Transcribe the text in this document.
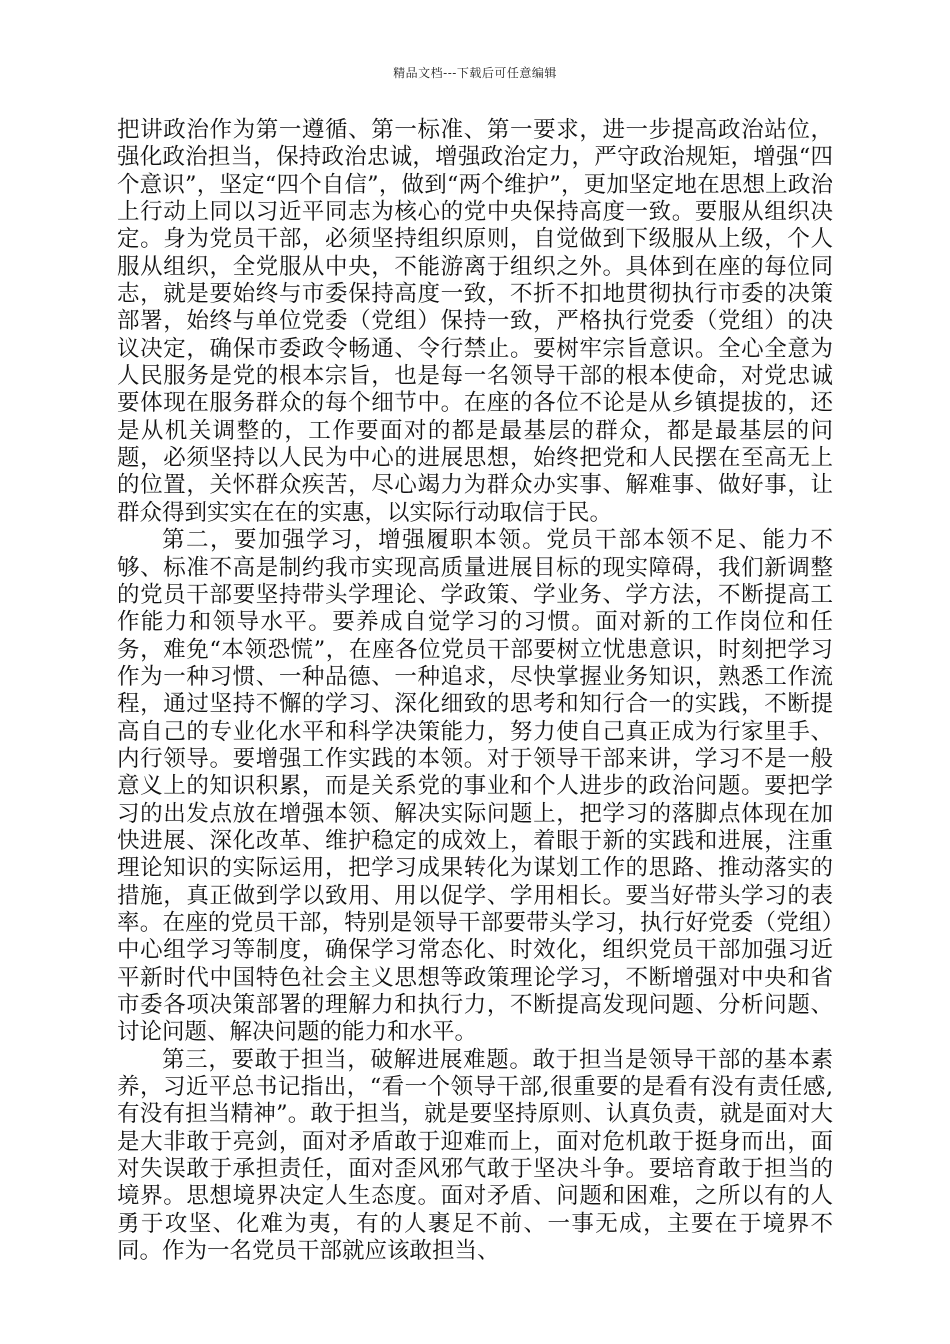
精品文档---下载后可任意编辑

把讲政治作为第一遵循、第一标准、第一要求，进一步提高政治站位，强化政治担当，保持政治忠诚，增强政治定力，严守政治规矩，增强“四个意识”，坚定“四个自信”，做到“两个维护”，更加坚定地在思想上政治上行动上同以习近平同志为核心的党中央保持高度一致。要服从组织决定。身为党员干部，必须坚持组织原则，自觉做到下级服从上级，个人服从组织，全党服从中央，不能游离于组织之外。具体到在座的每位同志，就是要始终与市委保持高度一致，不折不扣地贯彻执行市委的决策部署，始终与单位党委（党组）保持一致，严格执行党委（党组）的决议决定，确保市委政令畅通、令行禁止。要树牢宗旨意识。全心全意为人民服务是党的根本宗旨，也是每一名领导干部的根本使命，对党忠诚要体现在服务群众的每个细节中。在座的各位不论是从乡镇提拔的，还是从机关调整的，工作要面对的都是最基层的群众，都是最基层的问题，必须坚持以人民为中心的进展思想，始终把党和人民摆在至高无上的位置，关怀群众疾苦，尽心竭力为群众办实事、解难事、做好事，让群众得到实实在在的实惠，以实际行动取信于民。

第二，要加强学习，增强履职本领。党员干部本领不足、能力不够、标准不高是制约我市实现高质量进展目标的现实障碍，我们新调整的党员干部要坚持带头学理论、学政策、学业务、学方法，不断提高工作能力和领导水平。要养成自觉学习的习惯。面对新的工作岗位和任务，难免“本领恐慌”，在座各位党员干部要树立忧患意识，时刻把学习作为一种习惯、一种品德、一种追求，尽快掌握业务知识，熟悉工作流程，通过坚持不懈的学习、深化细致的思考和知行合一的实践，不断提高自己的专业化水平和科学决策能力，努力使自己真正成为行家里手、内行领导。要增强工作实践的本领。对于领导干部来讲，学习不是一般意义上的知识积累，而是关系党的事业和个人进步的政治问题。要把学习的出发点放在增强本领、解决实际问题上，把学习的落脚点体现在加快进展、深化改革、维护稳定的成效上，着眼于新的实践和进展，注重理论知识的实际运用，把学习成果转化为谋划工作的思路、推动落实的措施，真正做到学以致用、用以促学、学用相长。要当好带头学习的表率。在座的党员干部，特别是领导干部要带头学习，执行好党委（党组）中心组学习等制度，确保学习常态化、时效化，组织党员干部加强习近平新时代中国特色社会主义思想等政策理论学习，不断增强对中央和省市委各项决策部署的理解力和执行力，不断提高发现问题、分析问题、讨论问题、解决问题的能力和水平。

第三，要敢于担当，破解进展难题。敢于担当是领导干部的基本素养，习近平总书记指出，“看一个领导干部,很重要的是看有没有责任感,有没有担当精神”。敢于担当，就是要坚持原则、认真负责，就是面对大是大非敢于亮剑，面对矛盾敢于迎难而上，面对危机敢于挺身而出，面对失误敢于承担责任，面对歪风邪气敢于坚决斗争。要培育敢于担当的境界。思想境界决定人生态度。面对矛盾、问题和困难，之所以有的人勇于攻坚、化难为夷，有的人裹足不前、一事无成，主要在于境界不同。作为一名党员干部就应该敢担当、
